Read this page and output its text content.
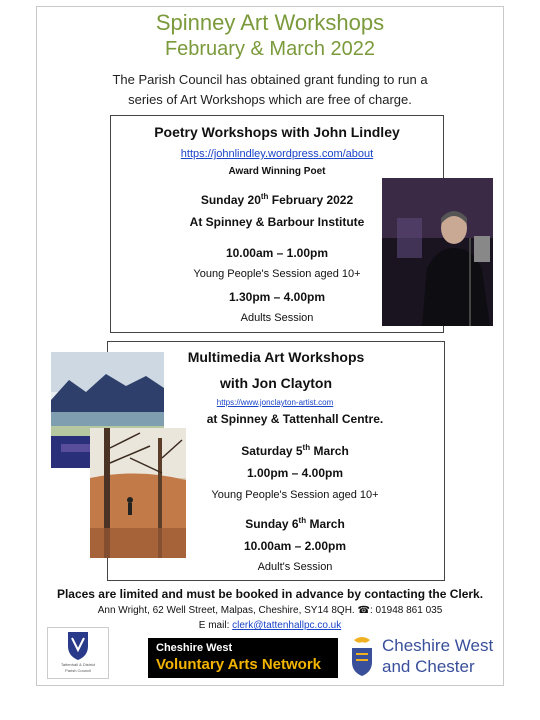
Spinney Art Workshops
February & March 2022
The Parish Council has obtained grant funding to run a
series of Art Workshops which are free of charge.
Poetry Workshops with John Lindley
https://johnlindley.wordpress.com/about
Award Winning Poet
Sunday 20th February 2022
At Spinney & Barbour Institute
10.00am – 1.00pm
Young People's Session aged 10+
1.30pm – 4.00pm
Adults Session
Multimedia Art Workshops
with Jon Clayton
https://www.jonclayton-artist.com
at Spinney & Tattenhall Centre.
Saturday 5th March
1.00pm – 4.00pm
Young People's Session aged 10+
Sunday 6th March
10.00am – 2.00pm
Adult's Session
Places are limited and must be booked in advance by contacting the Clerk.
Ann Wright, 62 Well Street, Malpas, Cheshire, SY14 8QH. ☎: 01948 861 035
E mail: clerk@tattenhallpc.co.uk
Tattenhall & District
Parish Council
Cheshire West
Voluntary Arts Network
Cheshire West
and Chester
